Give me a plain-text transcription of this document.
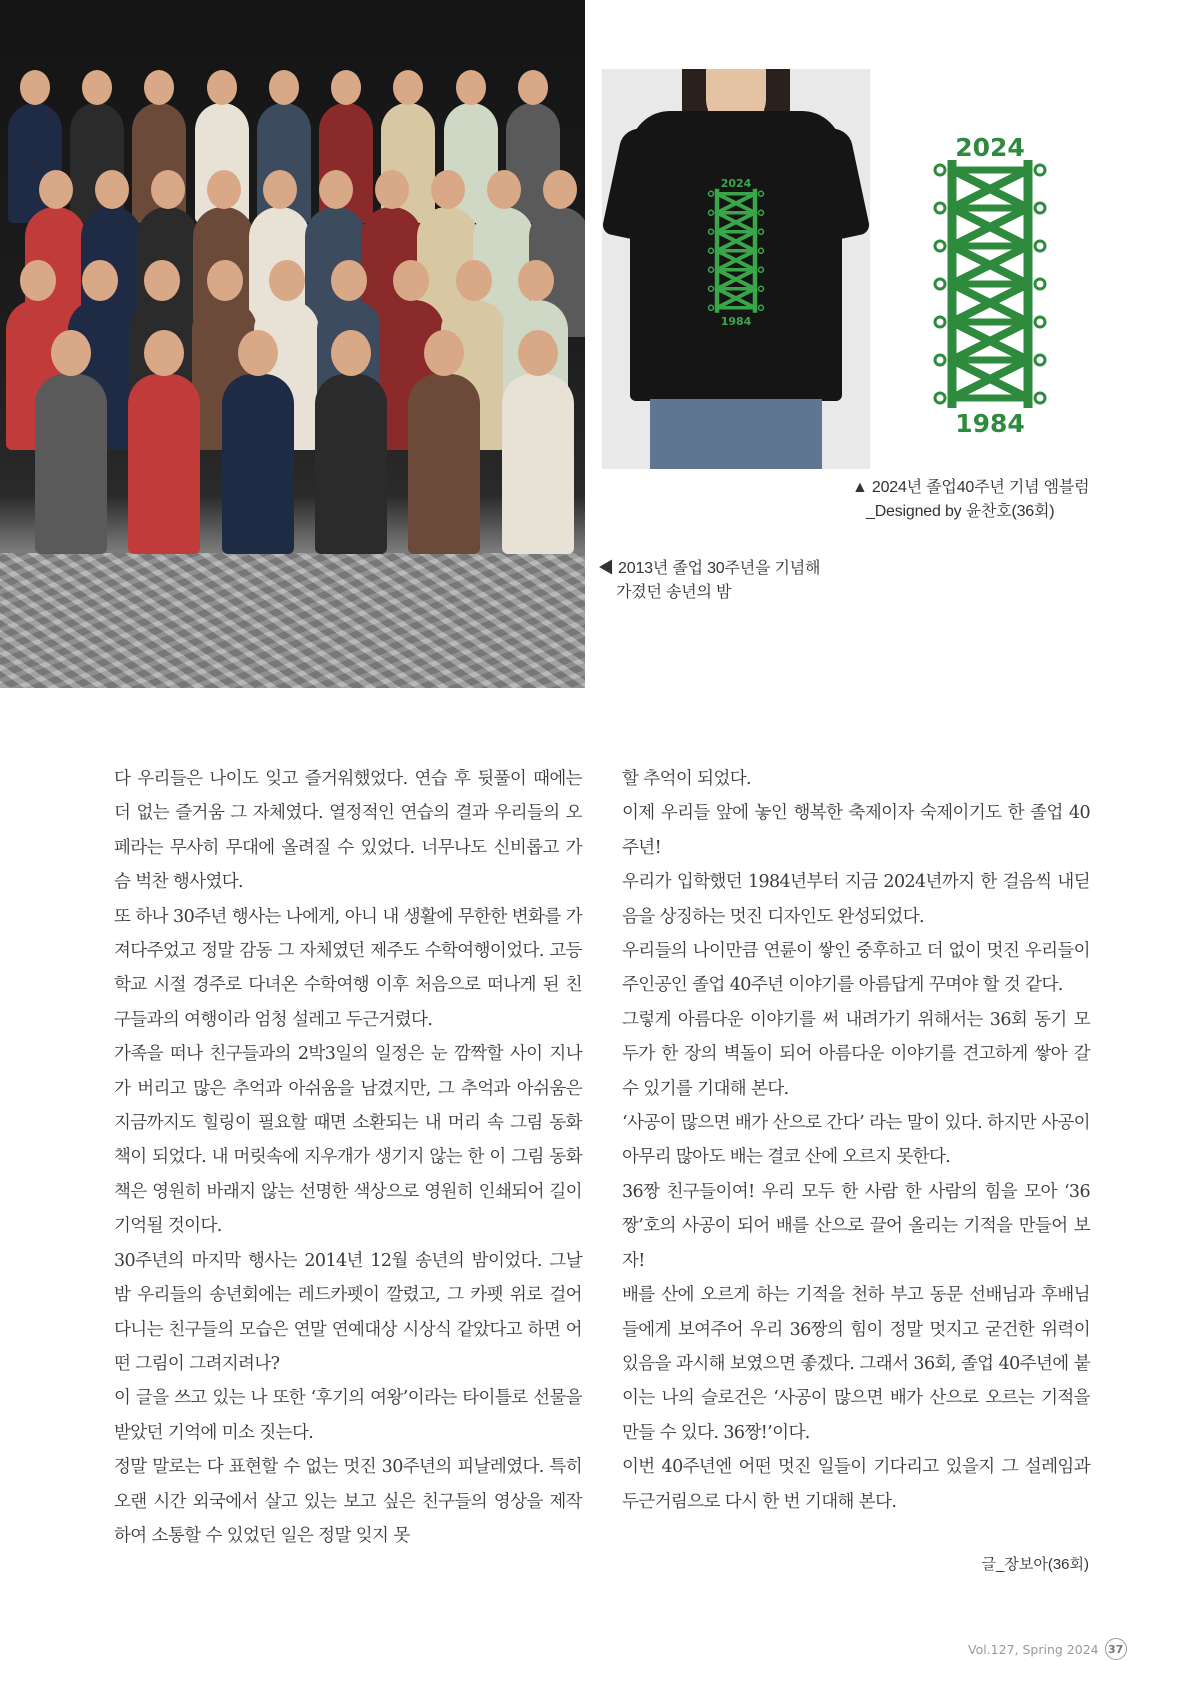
2024
1984
2024
1984
▲ 2024년 졸업40주년 기념 엠블럼
_Designed by 윤찬호(36회)
◀ 2013년 졸업 30주년을 기념해
가졌던 송년의 밤

다 우리들은 나이도 잊고 즐거워했었다. 연습 후 뒷풀이 때에는 더 없는 즐거움 그 자체였다. 열정적인 연습의 결과 우리들의 오페라는 무사히 무대에 올려질 수 있었다. 너무나도 신비롭고 가슴 벅찬 행사였다.

또 하나 30주년 행사는 나에게, 아니 내 생활에 무한한 변화를 가져다주었고 정말 감동 그 자체였던 제주도 수학여행이었다. 고등학교 시절 경주로 다녀온 수학여행 이후 처음으로 떠나게 된 친구들과의 여행이라 엄청 설레고 두근거렸다.

가족을 떠나 친구들과의 2박3일의 일정은 눈 깜짝할 사이 지나가 버리고 많은 추억과 아쉬움을 남겼지만, 그 추억과 아쉬움은 지금까지도 힐링이 필요할 때면 소환되는 내 머리 속 그림 동화책이 되었다. 내 머릿속에 지우개가 생기지 않는 한 이 그림 동화책은 영원히 바래지 않는 선명한 색상으로 영원히 인쇄되어 길이 기억될 것이다.

30주년의 마지막 행사는 2014년 12월 송년의 밤이었다. 그날 밤 우리들의 송년회에는 레드카펫이 깔렸고, 그 카펫 위로 걸어 다니는 친구들의 모습은 연말 연예대상 시상식 같았다고 하면 어떤 그림이 그려지려나?

이 글을 쓰고 있는 나 또한 ‘후기의 여왕’이라는 타이틀로 선물을 받았던 기억에 미소 짓는다.

정말 말로는 다 표현할 수 없는 멋진 30주년의 피날레였다. 특히 오랜 시간 외국에서 살고 있는 보고 싶은 친구들의 영상을 제작하여 소통할 수 있었던 일은 정말 잊지 못

할 추억이 되었다.

이제 우리들 앞에 놓인 행복한 축제이자 숙제이기도 한 졸업 40주년!

우리가 입학했던 1984년부터 지금 2024년까지 한 걸음씩 내딛음을 상징하는 멋진 디자인도 완성되었다.

우리들의 나이만큼 연륜이 쌓인 중후하고 더 없이 멋진 우리들이 주인공인 졸업 40주년 이야기를 아름답게 꾸며야 할 것 같다.

그렇게 아름다운 이야기를 써 내려가기 위해서는 36회 동기 모두가 한 장의 벽돌이 되어 아름다운 이야기를 견고하게 쌓아 갈 수 있기를 기대해 본다.

‘사공이 많으면 배가 산으로 간다’ 라는 말이 있다. 하지만 사공이 아무리 많아도 배는 결코 산에 오르지 못한다.

36짱 친구들이여! 우리 모두 한 사람 한 사람의 힘을 모아 ‘36짱’호의 사공이 되어 배를 산으로 끌어 올리는 기적을 만들어 보자!

배를 산에 오르게 하는 기적을 천하 부고 동문 선배님과 후배님들에게 보여주어 우리 36짱의 힘이 정말 멋지고 굳건한 위력이 있음을 과시해 보였으면 좋겠다. 그래서 36회, 졸업 40주년에 붙이는 나의 슬로건은 ‘사공이 많으면 배가 산으로 오르는 기적을 만들 수 있다. 36짱!’이다.

이번 40주년엔 어떤 멋진 일들이 기다리고 있을지 그 설레임과 두근거림으로 다시 한 번 기대해 본다.

글_장보아(36회)
Vol.127, Spring 2024 37
